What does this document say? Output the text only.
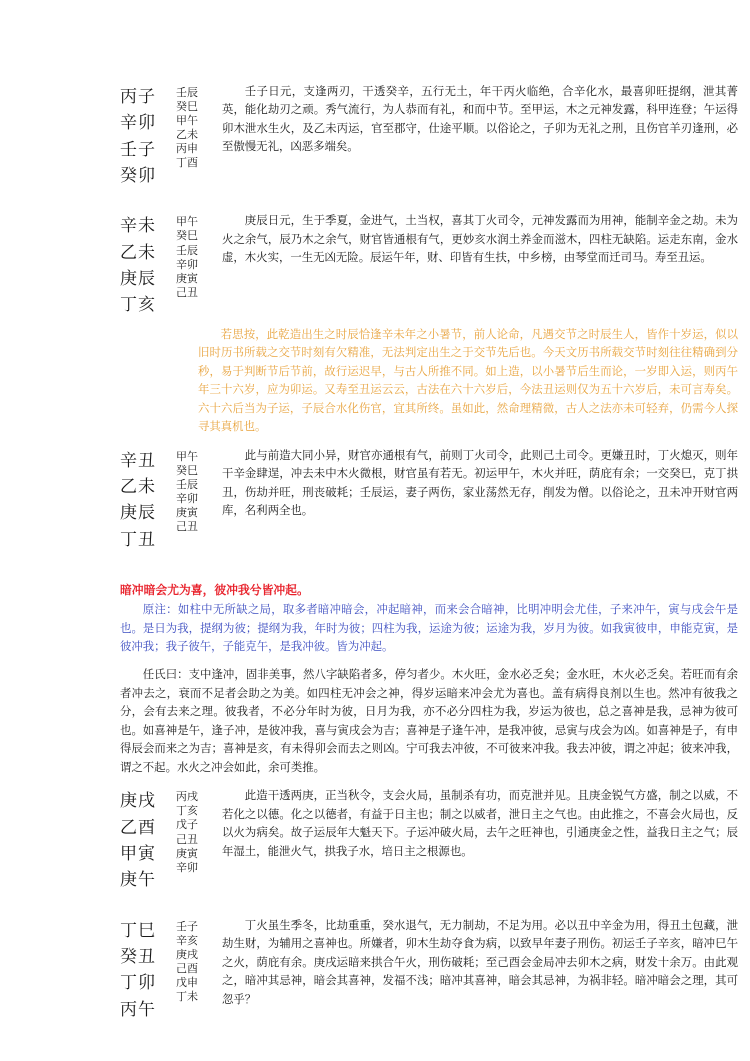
丙子
辛卯
壬子
癸卯
壬辰
癸巳
甲午
乙未
丙申
丁酉
壬子日元，支逢两刃，干透癸辛，五行无土，年干丙火临绝，合辛化水，最喜卯旺提纲，泄其菁英，能化劫刃之顽。秀气流行，为人恭而有礼，和而中节。至甲运，木之元神发露，科甲连登；午运得卯木泄水生火，及乙未丙运，官至郡守，仕途平顺。以俗论之，子卯为无礼之刑，且伤官羊刃逢刑，必至傲慢无礼，凶恶多端矣。
辛未
乙未
庚辰
丁亥
甲午
癸巳
壬辰
辛卯
庚寅
己丑
庚辰日元，生于季夏，金进气，土当权，喜其丁火司令，元神发露而为用神，能制辛金之劫。未为火之余气，辰乃木之余气，财官皆通根有气，更妙亥水润土养金而滋木，四柱无缺陷。运走东南，金水虚，木火实，一生无凶无险。辰运午年，财、印皆有生扶，中乡榜，由琴堂而迁司马。寿至丑运。

若思按，此乾造出生之时辰恰逢辛未年之小暑节，前人论命，凡遇交节之时辰生人，皆作十岁运，似以旧时历书所载之交节时刻有欠精准，无法判定出生之于交节先后也。今天文历书所载交节时刻往往精确到分秒，易于判断节后节前，故行运迟早，与古人所推不同。如上造，以小暑节后生而论，一岁即入运，则丙午年三十六岁，应为卯运。又寿至丑运云云，古法在六十六岁后，今法丑运则仅为五十六岁后，未可言寿矣。六十六后当为子运，子辰合水化伤官，宜其所终。虽如此，然命理精微，古人之法亦未可轻弃，仍需今人探寻其真机也。

辛丑
乙未
庚辰
丁丑
甲午
癸巳
壬辰
辛卯
庚寅
己丑
此与前造大同小异，财官亦通根有气，前则丁火司令，此则己土司令。更嫌丑时，丁火熄灭，则年干辛金肆逞，冲去未中木火微根，财官虽有若无。初运甲午，木火并旺，荫庇有余；一交癸巳，克丁拱丑，伤劫并旺，刑丧破耗；壬辰运，妻子两伤，家业荡然无存，削发为僧。以俗论之，丑未冲开财官两库，名利两全也。

暗冲暗会尤为喜，彼冲我兮皆冲起。

原注：如柱中无所缺之局，取多者暗冲暗会，冲起暗神，而来会合暗神，比明冲明会尤佳，子来冲午，寅与戌会午是也。是日为我，提纲为彼；提纲为我，年时为彼；四柱为我，运途为彼；运途为我，岁月为彼。如我寅彼申，申能克寅，是彼冲我；我子彼午，子能克午，是我冲彼。皆为冲起。

任氏曰：支中逢冲，固非美事，然八字缺陷者多，停匀者少。木火旺，金水必乏矣；金水旺，木火必乏矣。若旺而有余者冲去之，衰而不足者会助之为美。如四柱无冲会之神，得岁运暗来冲会尤为喜也。盖有病得良剂以生也。然冲有彼我之分，会有去来之理。彼我者，不必分年时为彼，日月为我，亦不必分四柱为我，岁运为彼也，总之喜神是我，忌神为彼可也。如喜神是午，逢子冲，是彼冲我，喜与寅戌会为吉；喜神是子逢午冲，是我冲彼，忌寅与戌会为凶。如喜神是子，有申得辰会而来之为吉；喜神是亥，有未得卯会而去之则凶。宁可我去冲彼，不可彼来冲我。我去冲彼，谓之冲起；彼来冲我，谓之不起。水火之冲会如此，余可类推。

庚戌
乙酉
甲寅
庚午
丙戌
丁亥
戊子
己丑
庚寅
辛卯
此造干透两庚，正当秋令，支会火局，虽制杀有功，而克泄并见。且庚金锐气方盛，制之以威，不若化之以德。化之以德者，有益于日主也；制之以威者，泄日主之气也。由此推之，不喜会火局也，反以火为病矣。故子运辰年大魁天下。子运冲破火局，去午之旺神也，引通庚金之性，益我日主之气；辰年湿土，能泄火气，拱我子水，培日主之根源也。
丁巳
癸丑
丁卯
丙午
壬子
辛亥
庚戌
己酉
戊申
丁未
丁火虽生季冬，比劫重重，癸水退气，无力制劫，不足为用。必以丑中辛金为用，得丑土包藏，泄劫生财，为辅用之喜神也。所嫌者，卯木生劫夺食为病，以致早年妻子刑伤。初运壬子辛亥，暗冲巳午之火，荫庇有余。庚戌运暗来拱合午火，刑伤破耗；至己酉会金局冲去卯木之病，财发十余万。由此观之，暗冲其忌神，暗会其喜神，发福不浅；暗冲其喜神，暗会其忌神，为祸非轻。暗冲暗会之理，其可忽乎？
